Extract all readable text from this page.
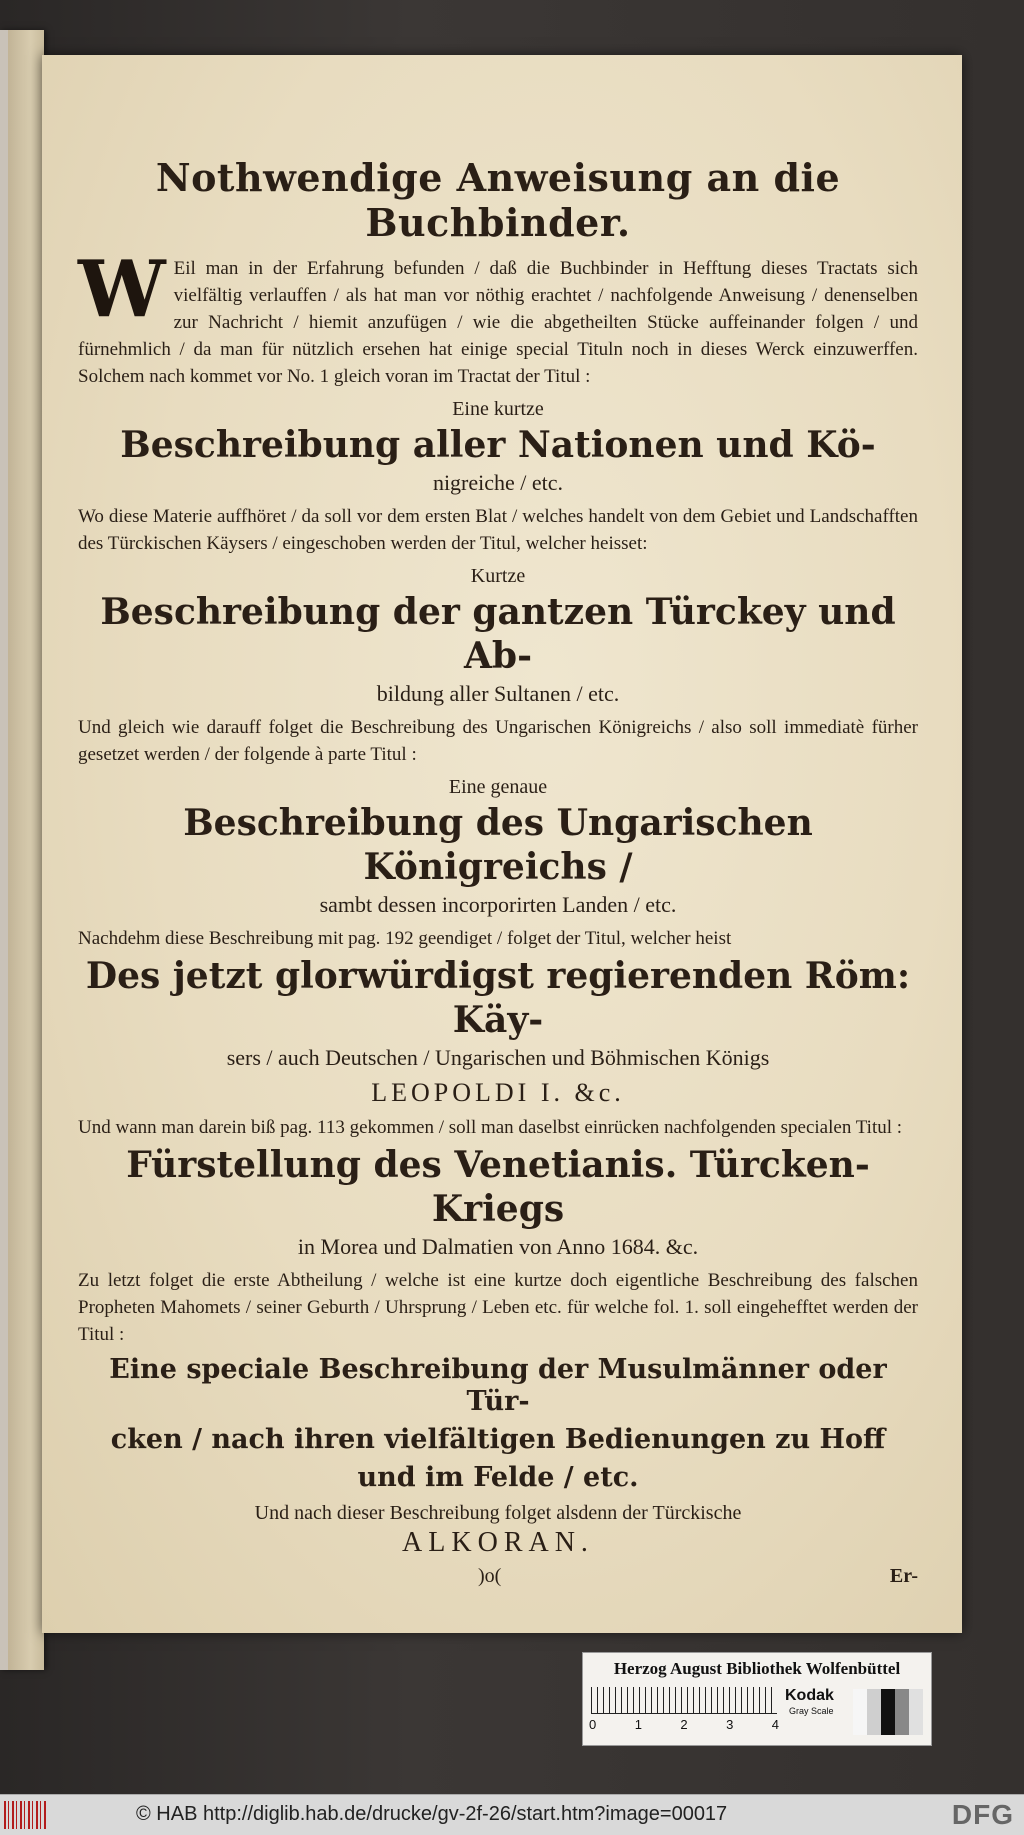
Nothwendige Anweisung an die Buchbinder.

W Eil man in der Erfahrung befunden / daß die Buchbinder in Hefftung dieses Tractats sich vielfältig verlauffen / als hat man vor nöthig erachtet / nachfolgende Anweisung / denenselben zur Nachricht / hiemit anzufügen / wie die abgetheilten Stücke auffeinander folgen / und fürnehmlich / da man für nützlich ersehen hat einige special Tituln noch in dieses Werck einzuwerffen. Solchem nach kommet vor No. 1 gleich voran im Tractat der Titul :

Eine kurtze
Beschreibung aller Nationen und Kö-
nigreiche / etc.

Wo diese Materie auffhöret / da soll vor dem ersten Blat / welches handelt von dem Gebiet und Landschafften des Türckischen Käysers / eingeschoben werden der Titul, welcher heisset:

Kurtze
Beschreibung der gantzen Türckey und Ab-
bildung aller Sultanen / etc.

Und gleich wie darauff folget die Beschreibung des Ungarischen Königreichs / also soll immediatè fürher gesetzet werden / der folgende à parte Titul :

Eine genaue
Beschreibung des Ungarischen Königreichs /
sambt dessen incorporirten Landen / etc.

Nachdehm diese Beschreibung mit pag. 192 geendiget / folget der Titul, welcher heist

Des jetzt glorwürdigst regierenden Röm: Käy-
sers / auch Deutschen / Ungarischen und Böhmischen Königs
LEOPOLDI I. &c.

Und wann man darein biß pag. 113 gekommen / soll man daselbst einrücken nachfolgenden specialen Titul :

Fürstellung des Venetianis. Türcken-Kriegs
in Morea und Dalmatien von Anno 1684. &c.

Zu letzt folget die erste Abtheilung / welche ist eine kurtze doch eigentliche Beschreibung des falschen Propheten Mahomets / seiner Geburth / Uhrsprung / Leben etc. für welche fol. 1. soll eingehefftet werden der Titul :

Eine speciale Beschreibung der Musulmänner oder Tür-
cken / nach ihren vielfältigen Bedienungen zu Hoff
und im Felde / etc.
Und nach dieser Beschreibung folget alsdenn der Türckische
ALKORAN.
)o(	Er-
Herzog August Bibliothek Wolfenbüttel
0	1	2	3	4
Kodak
Gray Scale
© HAB http://diglib.hab.de/drucke/gv-2f-26/start.htm?image=00017	DFG
